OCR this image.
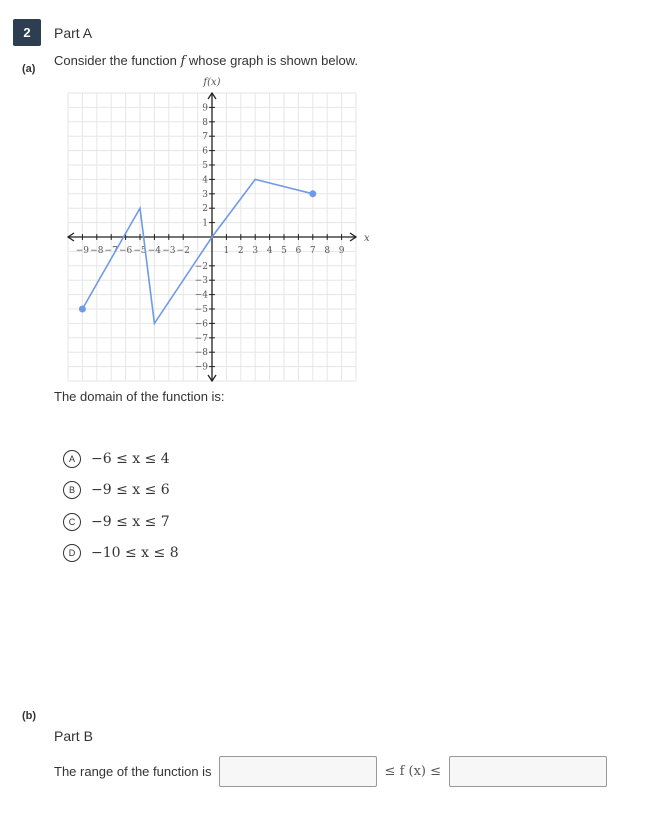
2	Part A
(a)
Consider the function f whose graph is shown below.
−9 −8 −7 −6 −5 −4 −3 −2	1 2 3 4 5 6 7 8 9
−9
−8
−7
−6
−5
−4
−3
−2
1
2
3
4
5
6
7
8
9
x
f(x)
The domain of the function is:
A	−6 ≤ x ≤ 4
B	−9 ≤ x ≤ 6
C	−9 ≤ x ≤ 7
D	−10 ≤ x ≤ 8
(b)
Part B
The range of the function is	≤ f (x) ≤
